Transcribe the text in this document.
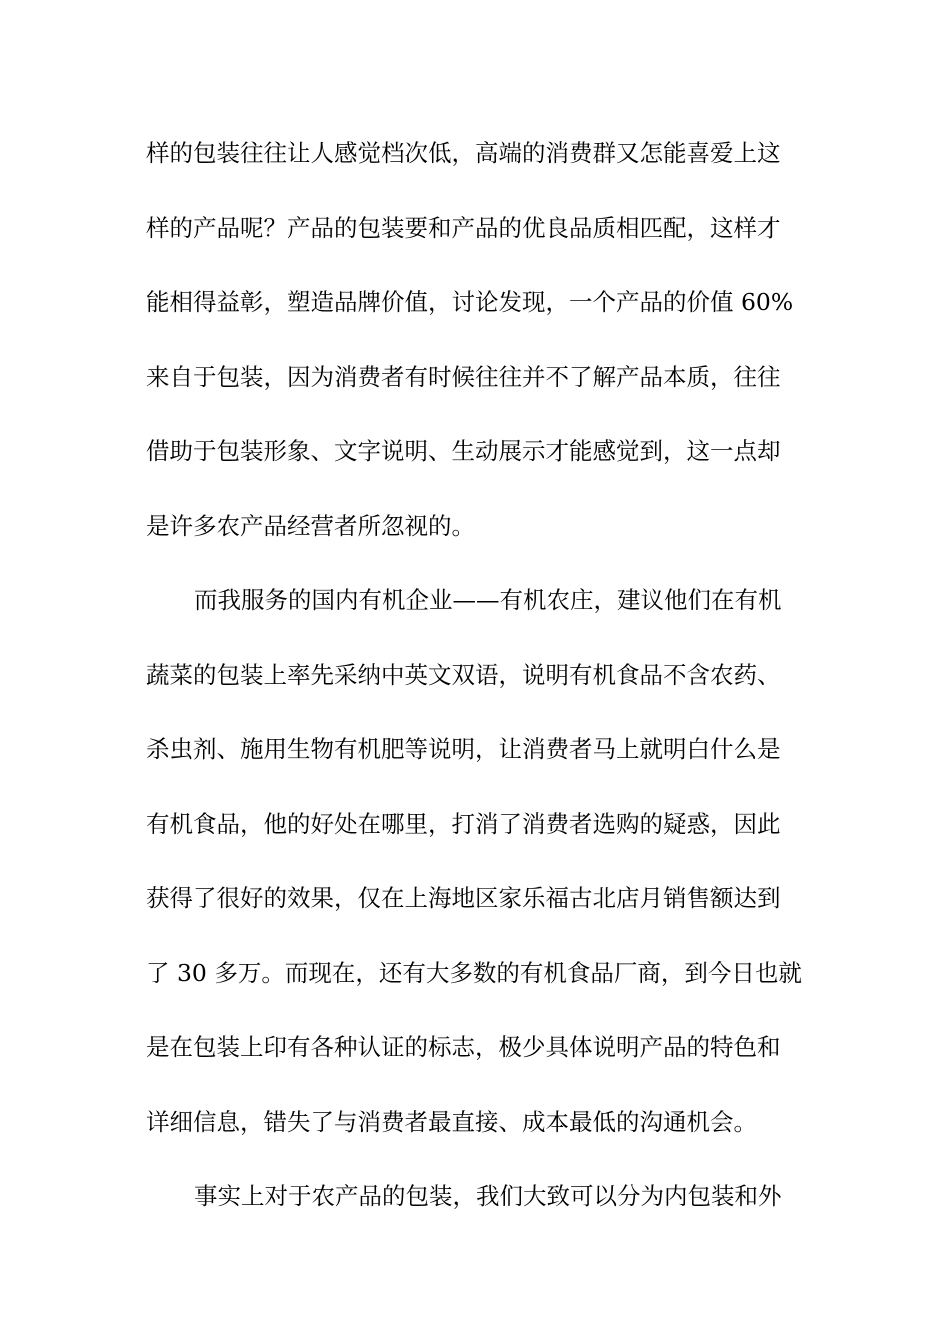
样的包装往往让人感觉档次低，高端的消费群又怎能喜爱上这
样的产品呢？产品的包装要和产品的优良品质相匹配，这样才
能相得益彰，塑造品牌价值，讨论发现，一个产品的价值 60%
来自于包装，因为消费者有时候往往并不了解产品本质，往往
借助于包装形象、文字说明、生动展示才能感觉到，这一点却
是许多农产品经营者所忽视的。
而我服务的国内有机企业——有机农庄，建议他们在有机
蔬菜的包装上率先采纳中英文双语，说明有机食品不含农药、
杀虫剂、施用生物有机肥等说明，让消费者马上就明白什么是
有机食品，他的好处在哪里，打消了消费者选购的疑惑，因此
获得了很好的效果，仅在上海地区家乐福古北店月销售额达到
了 30 多万。而现在，还有大多数的有机食品厂商，到今日也就
是在包装上印有各种认证的标志，极少具体说明产品的特色和
详细信息，错失了与消费者最直接、成本最低的沟通机会。
事实上对于农产品的包装，我们大致可以分为内包装和外
